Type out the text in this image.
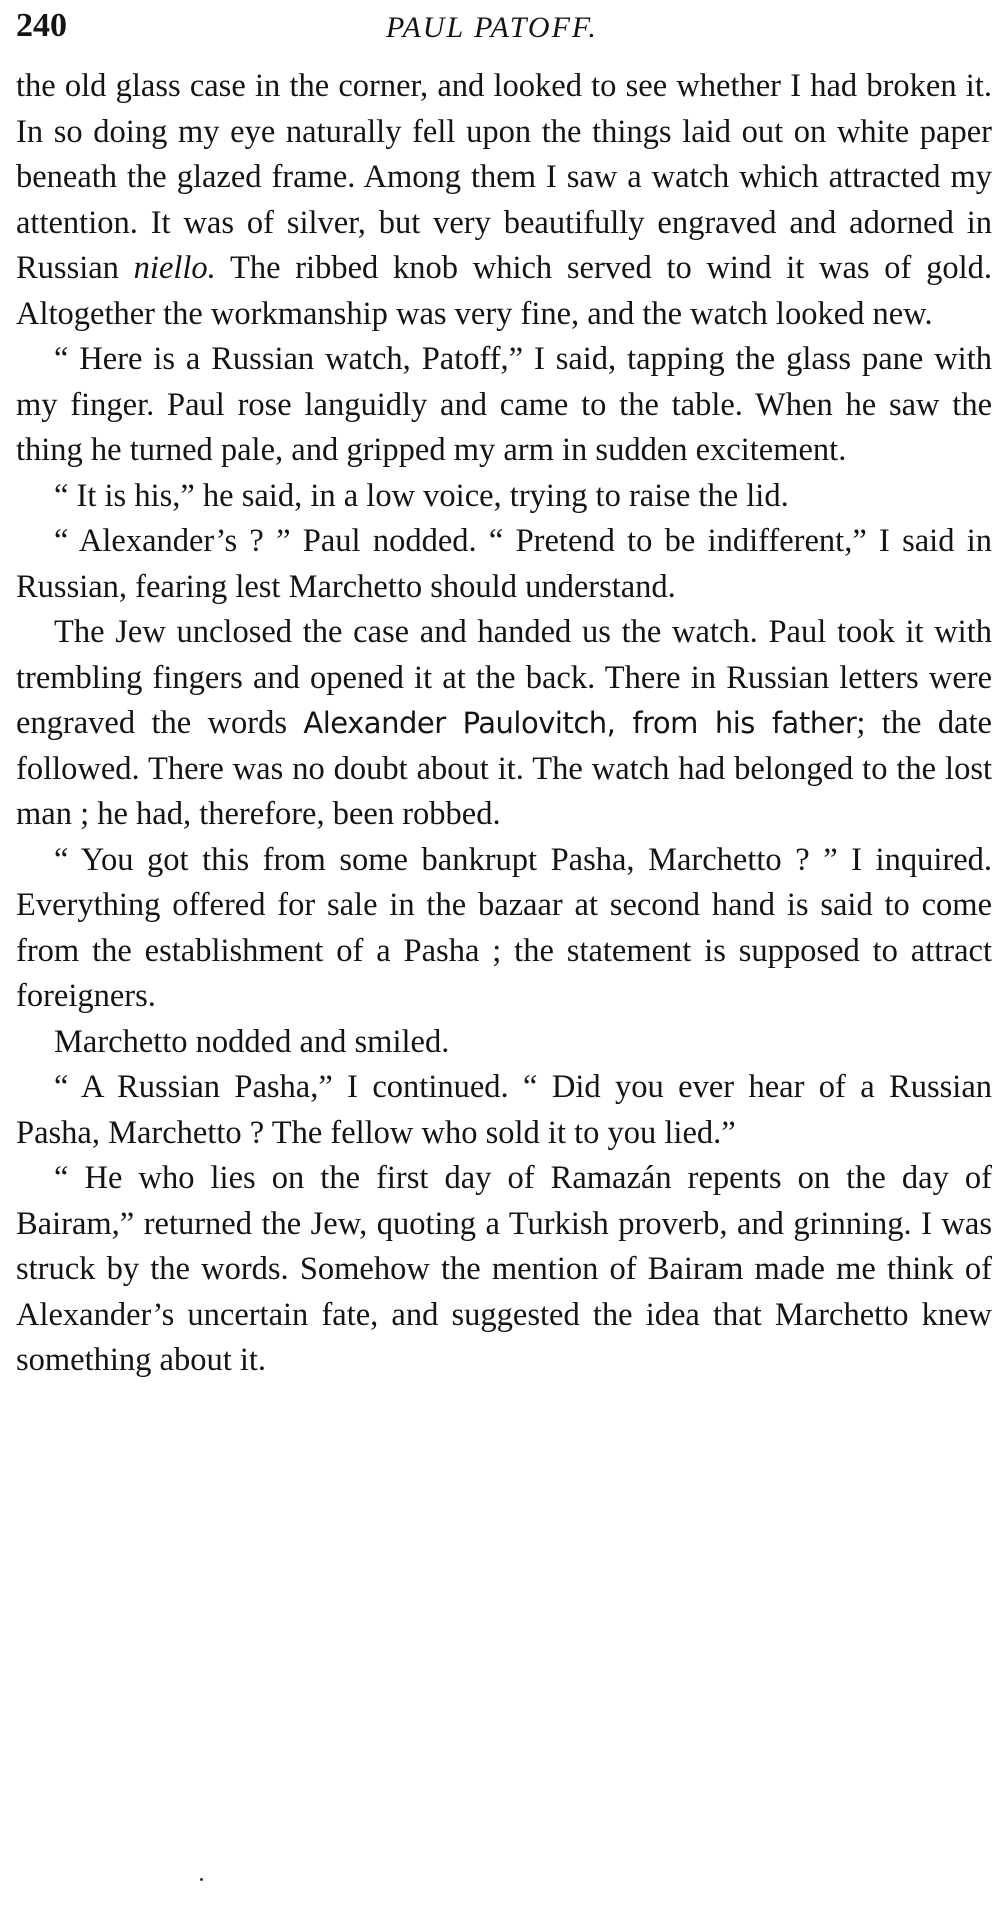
240	PAUL PATOFF.

the old glass case in the corner, and looked to see whether I had broken it. In so doing my eye naturally fell upon the things laid out on white paper beneath the glazed frame. Among them I saw a watch which attracted my attention. It was of silver, but very beautifully engraved and adorned in Russian niello. The ribbed knob which served to wind it was of gold. Altogether the workmanship was very fine, and the watch looked new.

“ Here is a Russian watch, Patoff,” I said, tapping the glass pane with my finger. Paul rose languidly and came to the table. When he saw the thing he turned pale, and gripped my arm in sudden excitement.

“ It is his,” he said, in a low voice, trying to raise the lid.

“ Alexander’s ? ” Paul nodded. “ Pretend to be indifferent,” I said in Russian, fearing lest Marchetto should understand.

The Jew unclosed the case and handed us the watch. Paul took it with trembling fingers and opened it at the back. There in Russian letters were engraved the words Alexander Paulovitch, from his father; the date followed. There was no doubt about it. The watch had belonged to the lost man ; he had, therefore, been robbed.

“ You got this from some bankrupt Pasha, Marchetto ? ” I inquired. Everything offered for sale in the bazaar at second hand is said to come from the establishment of a Pasha ; the statement is supposed to attract foreigners.

Marchetto nodded and smiled.

“ A Russian Pasha,” I continued. “ Did you ever hear of a Russian Pasha, Marchetto ? The fellow who sold it to you lied.”

“ He who lies on the first day of Ramazán repents on the day of Bairam,” returned the Jew, quoting a Turkish proverb, and grinning. I was struck by the words. Somehow the mention of Bairam made me think of Alexander’s uncertain fate, and suggested the idea that Marchetto knew something about it.
